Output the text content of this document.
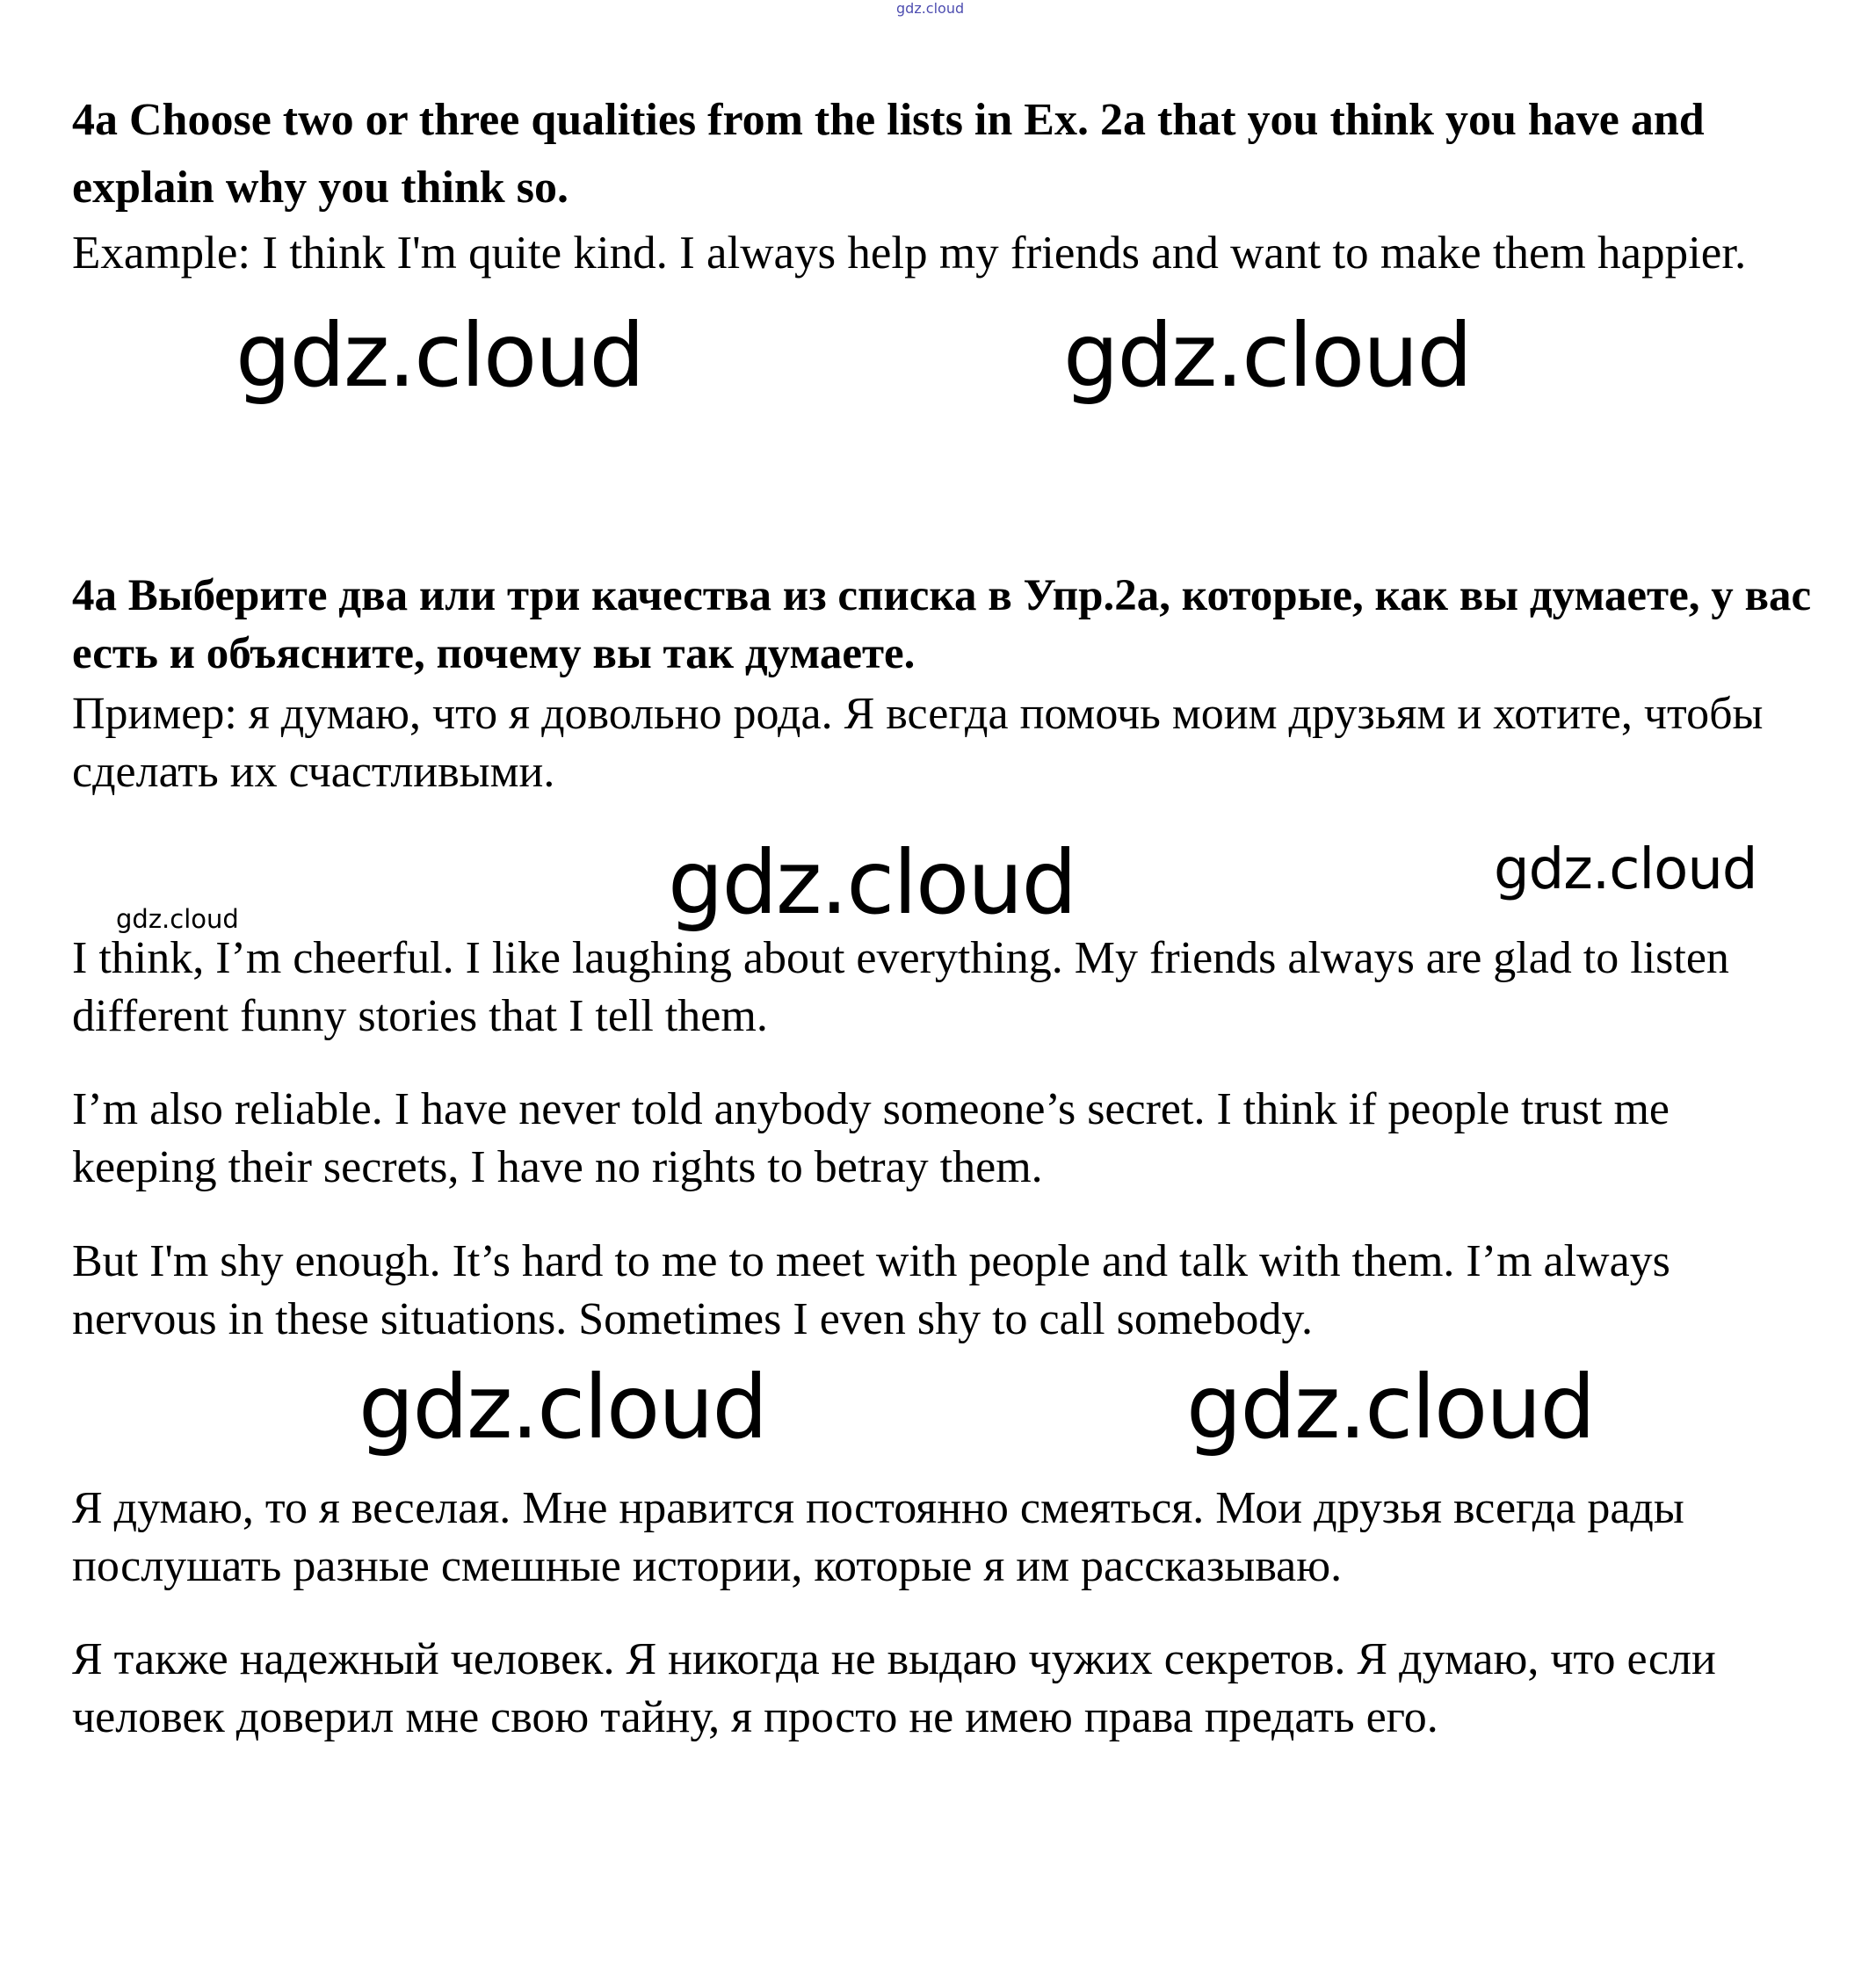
gdz.cloud

4a Choose two or three qualities from the lists in Ex. 2a that you think you have and explain why you think so.

Example: I think I'm quite kind. I always help my friends and want to make them happier.

gdz.cloud	gdz.cloud

4a Выберите два или три качества из списка в Упр.2а, которые, как вы думаете, у вас есть и объясните, почему вы так думаете.

Пример: я думаю, что я довольно рода. Я всегда помочь моим друзьям и хотите, чтобы сделать их счастливыми.

gdz.cloud	gdz.cloud
gdz.cloud

I think, I’m cheerful. I like laughing about everything. My friends always are glad to listen different funny stories that I tell them.

I’m also reliable. I have never told anybody someone’s secret. I think if people trust me keeping their secrets, I have no rights to betray them.

But I'm shy enough. It’s hard to me to meet with people and talk with them. I’m always nervous in these situations. Sometimes I even shy to call somebody.

gdz.cloud	gdz.cloud

Я думаю, то я веселая. Мне нравится постоянно смеяться. Мои друзья всегда рады послушать разные смешные истории, которые я им рассказываю.

Я также надежный человек. Я никогда не выдаю чужих секретов. Я думаю, что если человек доверил мне свою тайну, я просто не имею права предать его.
